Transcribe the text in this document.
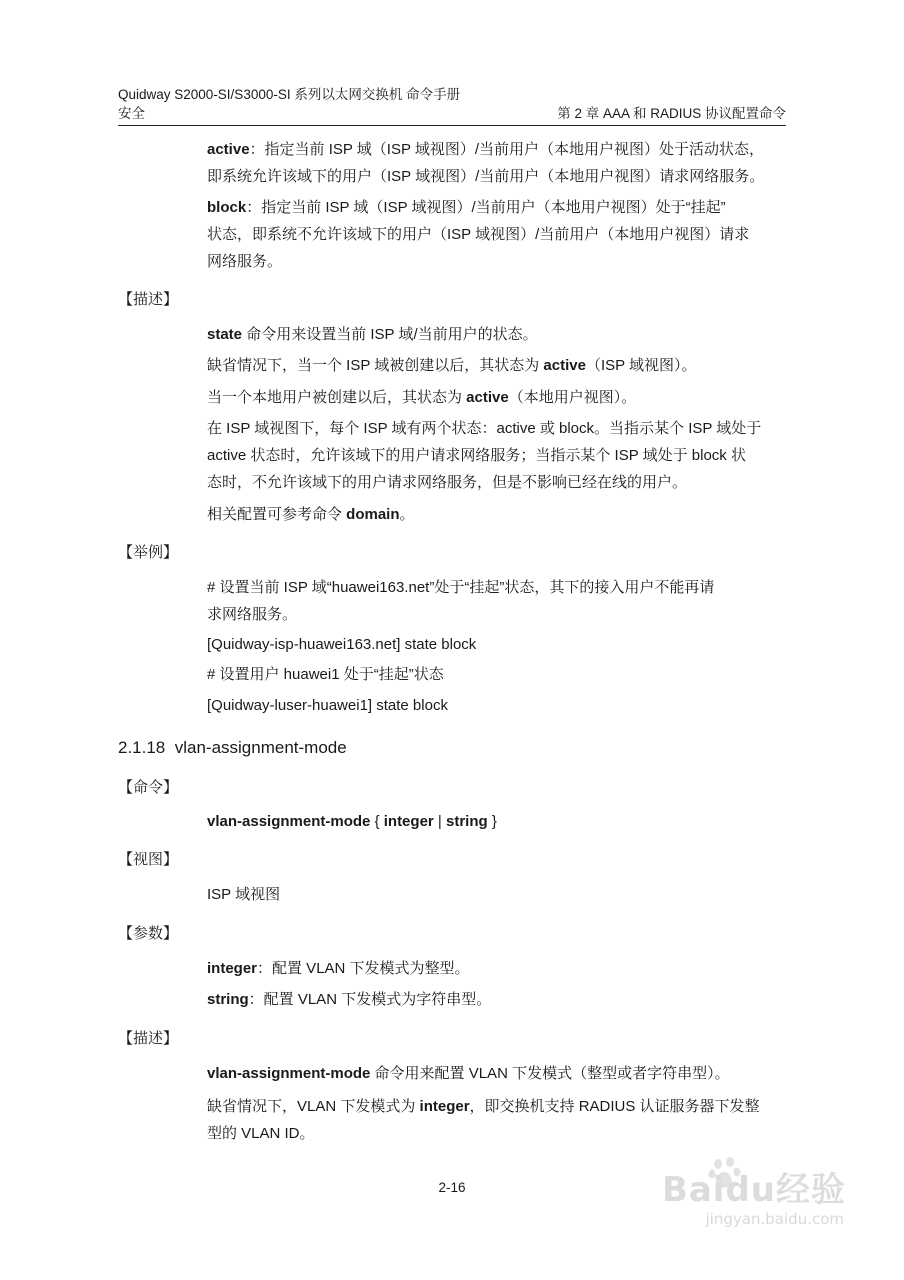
Quidway S2000-SI/S3000-SI 系列以太网交换机 命令手册
安全	第 2 章 AAA 和 RADIUS 协议配置命令
active：指定当前 ISP 域（ISP 域视图）/当前用户（本地用户视图）处于活动状态，
即系统允许该域下的用户（ISP 域视图）/当前用户（本地用户视图）请求网络服务。
block：指定当前 ISP 域（ISP 域视图）/当前用户（本地用户视图）处于“挂起”
状态，即系统不允许该域下的用户（ISP 域视图）/当前用户（本地用户视图）请求
网络服务。
【描述】
state 命令用来设置当前 ISP 域/当前用户的状态。
缺省情况下，当一个 ISP 域被创建以后，其状态为 active（ISP 域视图）。
当一个本地用户被创建以后，其状态为 active（本地用户视图）。
在 ISP 域视图下，每个 ISP 域有两个状态：active 或 block。当指示某个 ISP 域处于
active 状态时，允许该域下的用户请求网络服务；当指示某个 ISP 域处于 block 状
态时，不允许该域下的用户请求网络服务，但是不影响已经在线的用户。
相关配置可参考命令 domain。
【举例】
# 设置当前 ISP 域“huawei163.net”处于“挂起”状态，其下的接入用户不能再请
求网络服务。
[Quidway-isp-huawei163.net] state block
# 设置用户 huawei1 处于“挂起”状态
[Quidway-luser-huawei1] state block
2.1.18 vlan-assignment-mode
【命令】
vlan-assignment-mode { integer | string }
【视图】
ISP 域视图
【参数】
integer：配置 VLAN 下发模式为整型。
string：配置 VLAN 下发模式为字符串型。
【描述】
vlan-assignment-mode 命令用来配置 VLAN 下发模式（整型或者字符串型）。
缺省情况下，VLAN 下发模式为 integer，即交换机支持 RADIUS 认证服务器下发整
型的 VLAN ID。
2-16	Baidu经验
jingyan.baidu.com
